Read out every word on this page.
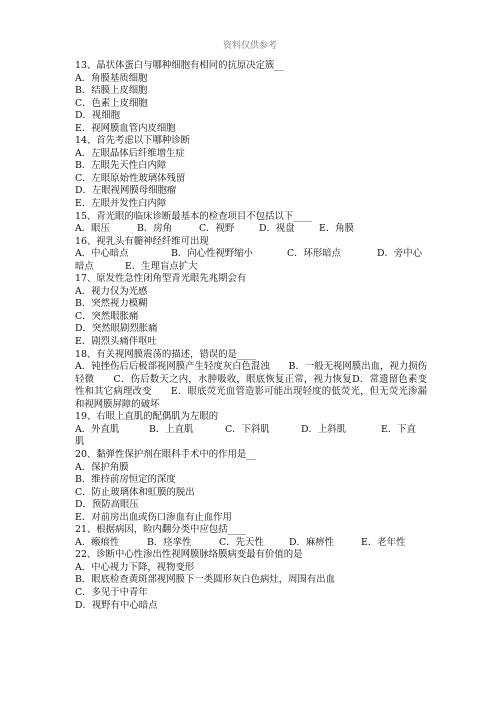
资料仅供参考
13、晶状体蛋白与哪种细胞有相同的抗原决定簇__
A．角膜基质细胞
B．结膜上皮细胞
C．色素上皮细胞
D．视细胞
E．视网膜血管内皮细胞
14、首先考虑以下哪种诊断
A．左眼晶体后纤维增生症
B．左眼先天性白内障
C．左眼原始性玻璃体残留
D．左眼视网膜母细胞瘤
E．左眼并发性白内障
15、青光眼的临床诊断最基本的检查项目不包括以下____
A．眼压	B．房角	C．视野	D．视盘	E．角膜
16、视乳头有髓神经纤维可出现
A．中心暗点	B．向心性视野缩小	C．环形暗点	D．旁中心
暗点	E．生理盲点扩大
17、原发性急性闭角型青光眼先兆期会有
A．视力仅为光感
B．突然视力模糊
C．突然眼胀痛
D．突然眼剧烈胀痛
E．剧烈头痛伴呕吐
18、有关视网膜震荡的描述，错误的是____
A．钝挫伤后后极部视网膜产生轻度灰白色混浊　　B．一般无视网膜出血，视力损伤轻微　　C．伤后数天之内，水肿吸收，眼底恢复正常，视力恢复D．常遗留色素变性和其它病理改变　　E．眼底荧光血管造影可能出现轻度的低荧光，但无荧光渗漏和视网膜屏障的破坏
19、右眼上直肌的配偶肌为左眼的
A．外直肌	B．上直肌	C．下斜肌	D．上斜肌	E．下直
肌
20、黏弹性保护剂在眼科手术中的作用是__
A．保护角膜
B．维持前房恒定的深度
C．防止玻璃体和虹膜的脱出
D．预防高眼压
E．对前房出血或伤口渗血有止血作用
21、根据病因，睑内翻分类中应包括____
A．瘢痕性	B．痉挛性	C．先天性	D．麻痹性	E．老年性
22、诊断中心性渗出性视网膜脉络膜病变最有价值的是
A．中心视力下降，视物变形
B．眼底检查黄斑部视网膜下一类圆形灰白色病灶，周围有出血
C．多见于中青年
D．视野有中心暗点
